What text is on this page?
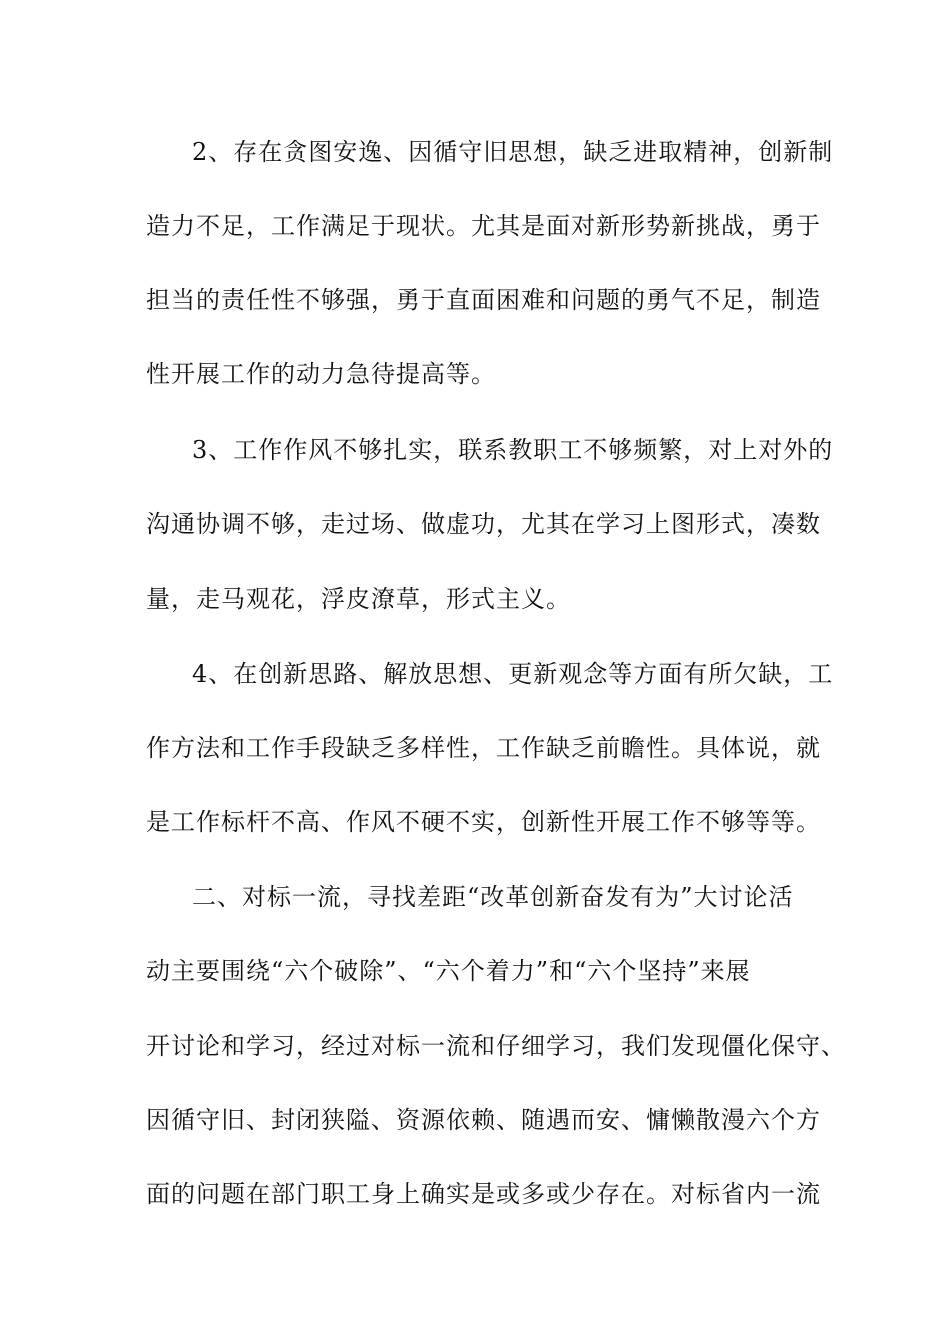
2、存在贪图安逸、因循守旧思想，缺乏进取精神，创新制
造力不足，工作满足于现状。尤其是面对新形势新挑战，勇于
担当的责任性不够强，勇于直面困难和问题的勇气不足，制造
性开展工作的动力急待提高等。
3、工作作风不够扎实，联系教职工不够频繁，对上对外的
沟通协调不够，走过场、做虚功，尤其在学习上图形式，凑数
量，走马观花，浮皮潦草，形式主义。
4、在创新思路、解放思想、更新观念等方面有所欠缺，工
作方法和工作手段缺乏多样性，工作缺乏前瞻性。具体说，就
是工作标杆不高、作风不硬不实，创新性开展工作不够等等。
二、对标一流，寻找差距“改革创新奋发有为”大讨论活
动主要围绕“六个破除”、“六个着力”和“六个坚持”来展
开讨论和学习，经过对标一流和仔细学习，我们发现僵化保守、
因循守旧、封闭狭隘、资源依赖、随遇而安、慵懒散漫六个方
面的问题在部门职工身上确实是或多或少存在。对标省内一流
